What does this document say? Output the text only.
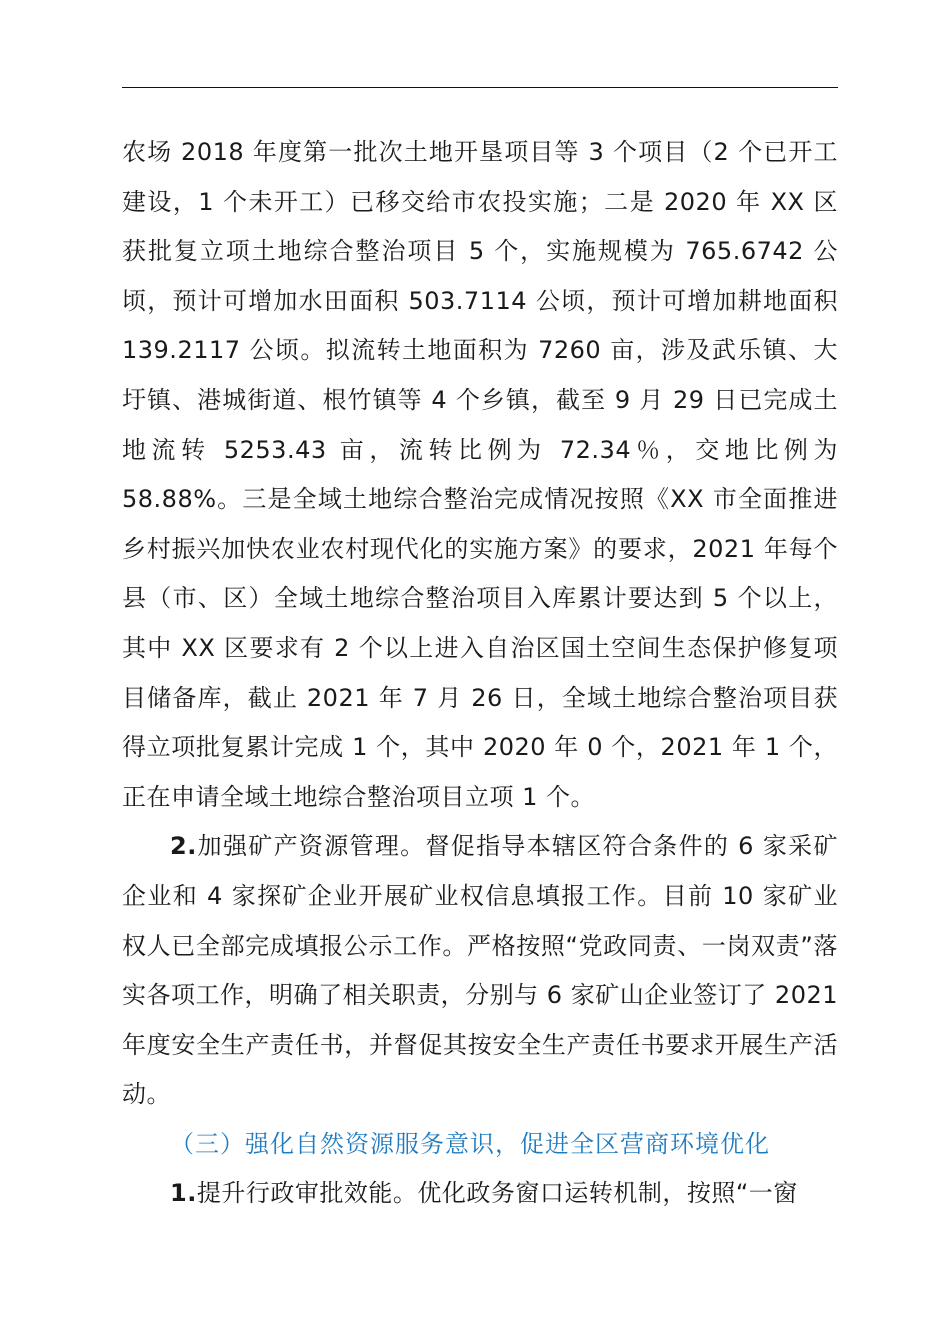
农场 2018 年度第一批次土地开垦项目等 3 个项目（2 个已开工建设，1 个未开工）已移交给市农投实施；二是 2020 年 XX 区获批复立项土地综合整治项目 5 个，实施规模为 765.6742 公顷，预计可增加水田面积 503.7114 公顷，预计可增加耕地面积 139.2117 公顷。拟流转土地面积为 7260 亩，涉及武乐镇、大圩镇、港城街道、根竹镇等 4 个乡镇，截至 9 月 29 日已完成土地流转 5253.43 亩，流转比例为 72.34％，交地比例为 58.88%。三是全域土地综合整治完成情况按照《XX 市全面推进乡村振兴加快农业农村现代化的实施方案》的要求，2021 年每个县（市、区）全域土地综合整治项目入库累计要达到 5 个以上，其中 XX 区要求有 2 个以上进入自治区国土空间生态保护修复项目储备库，截止 2021 年 7 月 26 日，全域土地综合整治项目获得立项批复累计完成 1 个，其中 2020 年 0 个，2021 年 1 个，正在申请全域土地综合整治项目立项 1 个。

2.加强矿产资源管理。督促指导本辖区符合条件的 6 家采矿企业和 4 家探矿企业开展矿业权信息填报工作。目前 10 家矿业权人已全部完成填报公示工作。严格按照“党政同责、一岗双责”落实各项工作，明确了相关职责，分别与 6 家矿山企业签订了 2021 年度安全生产责任书，并督促其按安全生产责任书要求开展生产活动。

（三）强化自然资源服务意识，促进全区营商环境优化

1.提升行政审批效能。优化政务窗口运转机制，按照“一窗
